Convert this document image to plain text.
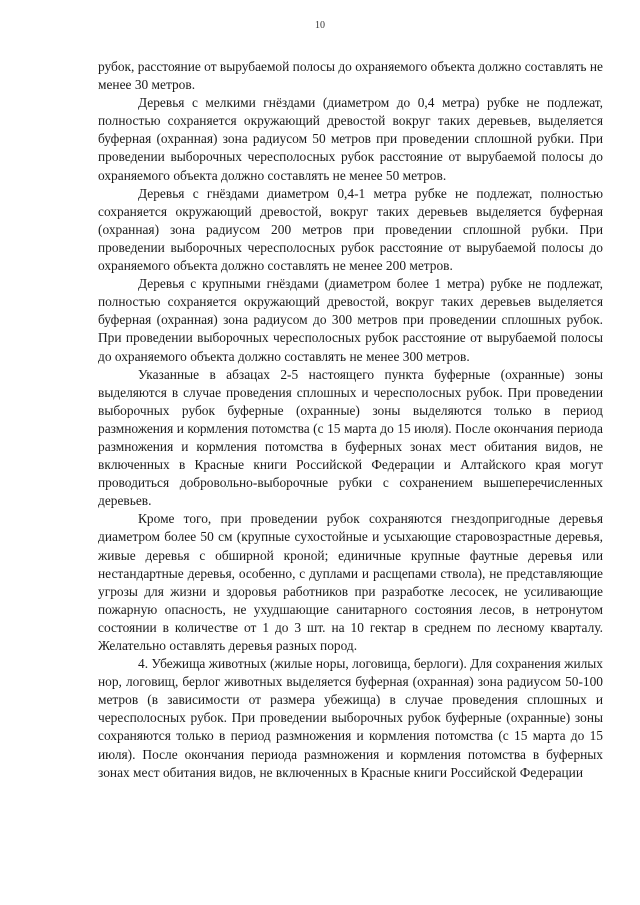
10

рубок, расстояние от вырубаемой полосы до охраняемого объекта должно составлять не менее 30 метров.

Деревья с мелкими гнёздами (диаметром до 0,4 метра) рубке не подлежат, полностью сохраняется окружающий древостой вокруг таких деревьев, выделяется буферная (охранная) зона радиусом 50 метров при проведении сплошной рубки. При проведении выборочных чересполосных рубок расстояние от вырубаемой полосы до охраняемого объекта должно составлять не менее 50 метров.

Деревья с гнёздами диаметром 0,4-1 метра рубке не подлежат, полностью сохраняется окружающий древостой, вокруг таких деревьев выделяется буферная (охранная) зона радиусом 200 метров при проведении сплошной рубки. При проведении выборочных чересполосных рубок расстояние от вырубаемой полосы до охраняемого объекта должно составлять не менее 200 метров.

Деревья с крупными гнёздами (диаметром более 1 метра) рубке не подлежат, полностью сохраняется окружающий древостой, вокруг таких деревьев выделяется буферная (охранная) зона радиусом до 300 метров при проведении сплошных рубок. При проведении выборочных чересполосных рубок расстояние от вырубаемой полосы до охраняемого объекта должно составлять не менее 300 метров.

Указанные в абзацах 2-5 настоящего пункта буферные (охранные) зоны выделяются в случае проведения сплошных и чересполосных рубок. При проведении выборочных рубок буферные (охранные) зоны выделяются только в период размножения и кормления потомства (с 15 марта до 15 июля). После окончания периода размножения и кормления потомства в буферных зонах мест обитания видов, не включенных в Красные книги Российской Федерации и Алтайского края могут проводиться добровольно-выборочные рубки с сохранением вышеперечисленных деревьев.

Кроме того, при проведении рубок сохраняются гнездопригодные деревья диаметром более 50 см (крупные сухостойные и усыхающие старовозрастные деревья, живые деревья с обширной кроной; единичные крупные фаутные деревья или нестандартные деревья, особенно, с дуплами и расщепами ствола), не представляющие угрозы для жизни и здоровья работников при разработке лесосек, не усиливающие пожарную опасность, не ухудшающие санитарного состояния лесов, в нетронутом состоянии в количестве от 1 до 3 шт. на 10 гектар в среднем по лесному кварталу. Желательно оставлять деревья разных пород.

4. Убежища животных (жилые норы, логовища, берлоги). Для сохранения жилых нор, логовищ, берлог животных выделяется буферная (охранная) зона радиусом 50-100 метров (в зависимости от размера убежища) в случае проведения сплошных и чересполосных рубок. При проведении выборочных рубок буферные (охранные) зоны сохраняются только в период размножения и кормления потомства (с 15 марта до 15 июля). После окончания периода размножения и кормления потомства в буферных зонах мест обитания видов, не включенных в Красные книги Российской Федерации
